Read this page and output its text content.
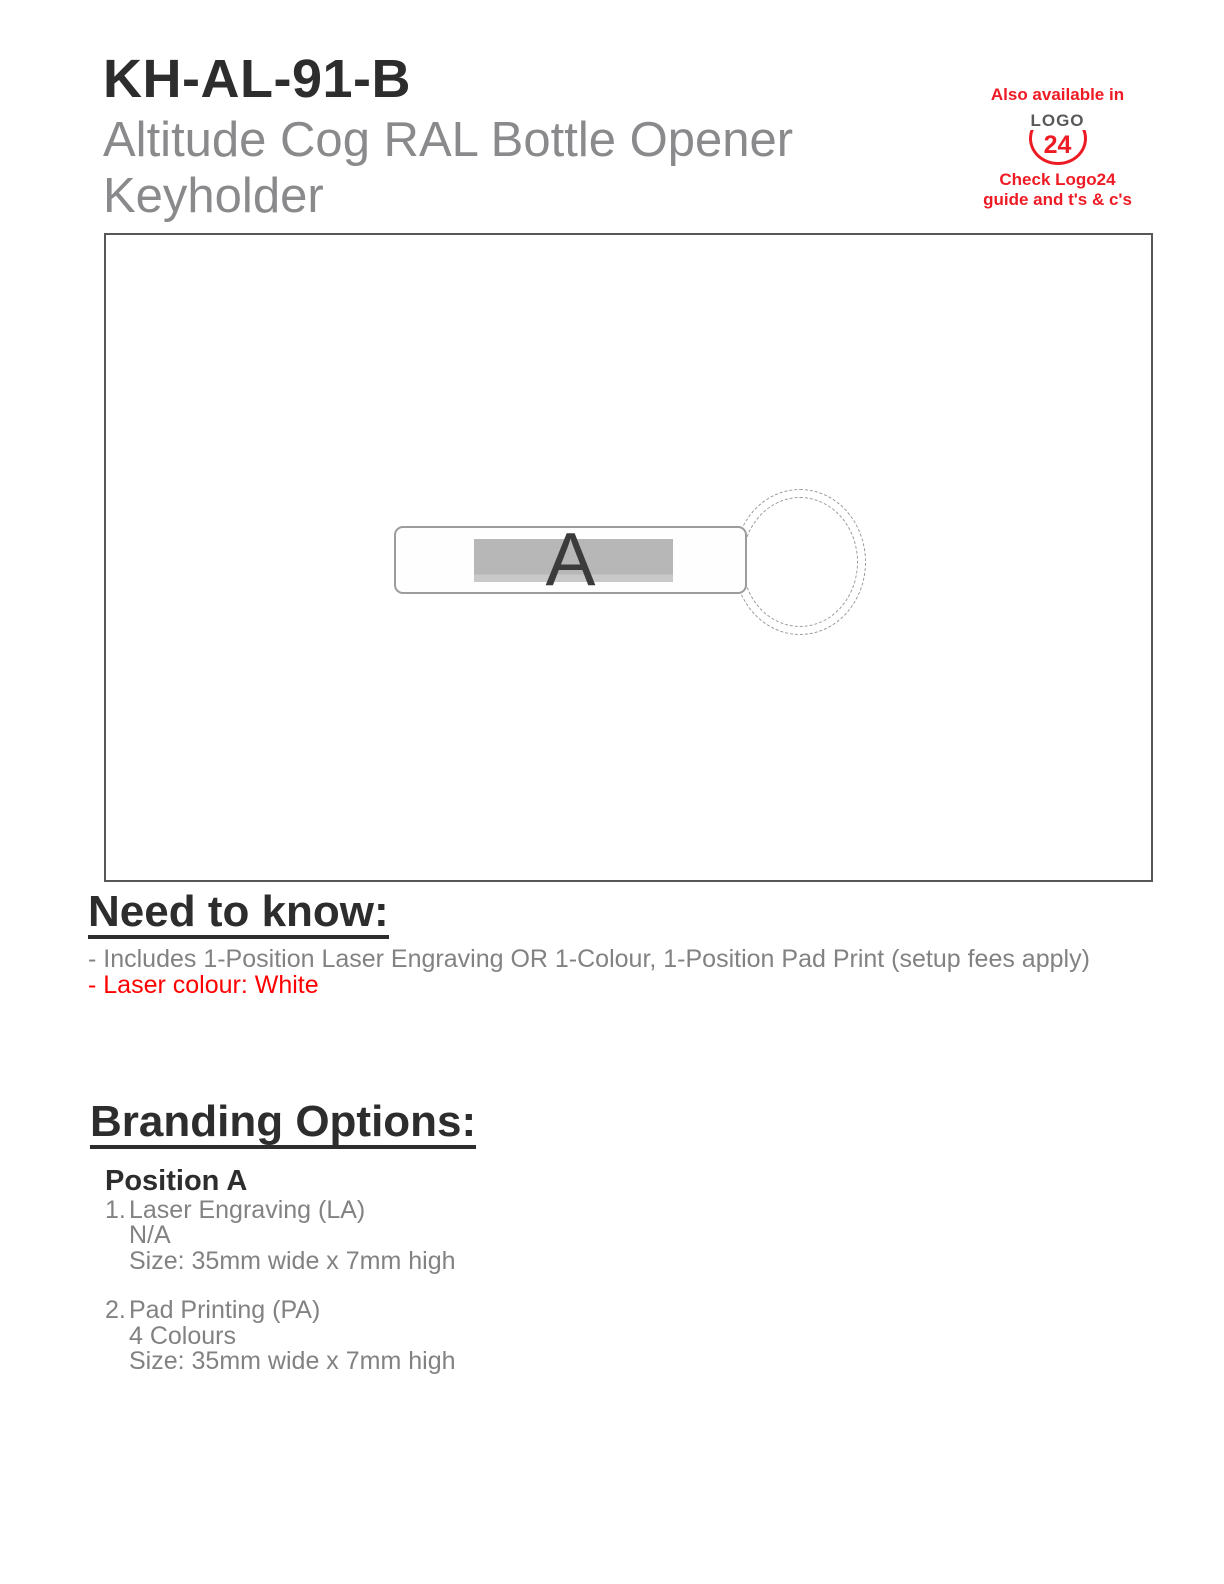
KH-AL-91-B
Altitude Cog RAL Bottle Opener
Keyholder
Also available in
LOGO
24
Check Logo24
guide and t's & c's
A
Need to know:
- Includes 1-Position Laser Engraving OR 1-Colour, 1-Position Pad Print (setup fees apply)
- Laser colour: White
Branding Options:
Position A
1. Laser Engraving (LA)
N/A
Size: 35mm wide x 7mm high
2. Pad Printing (PA)
4 Colours
Size: 35mm wide x 7mm high
